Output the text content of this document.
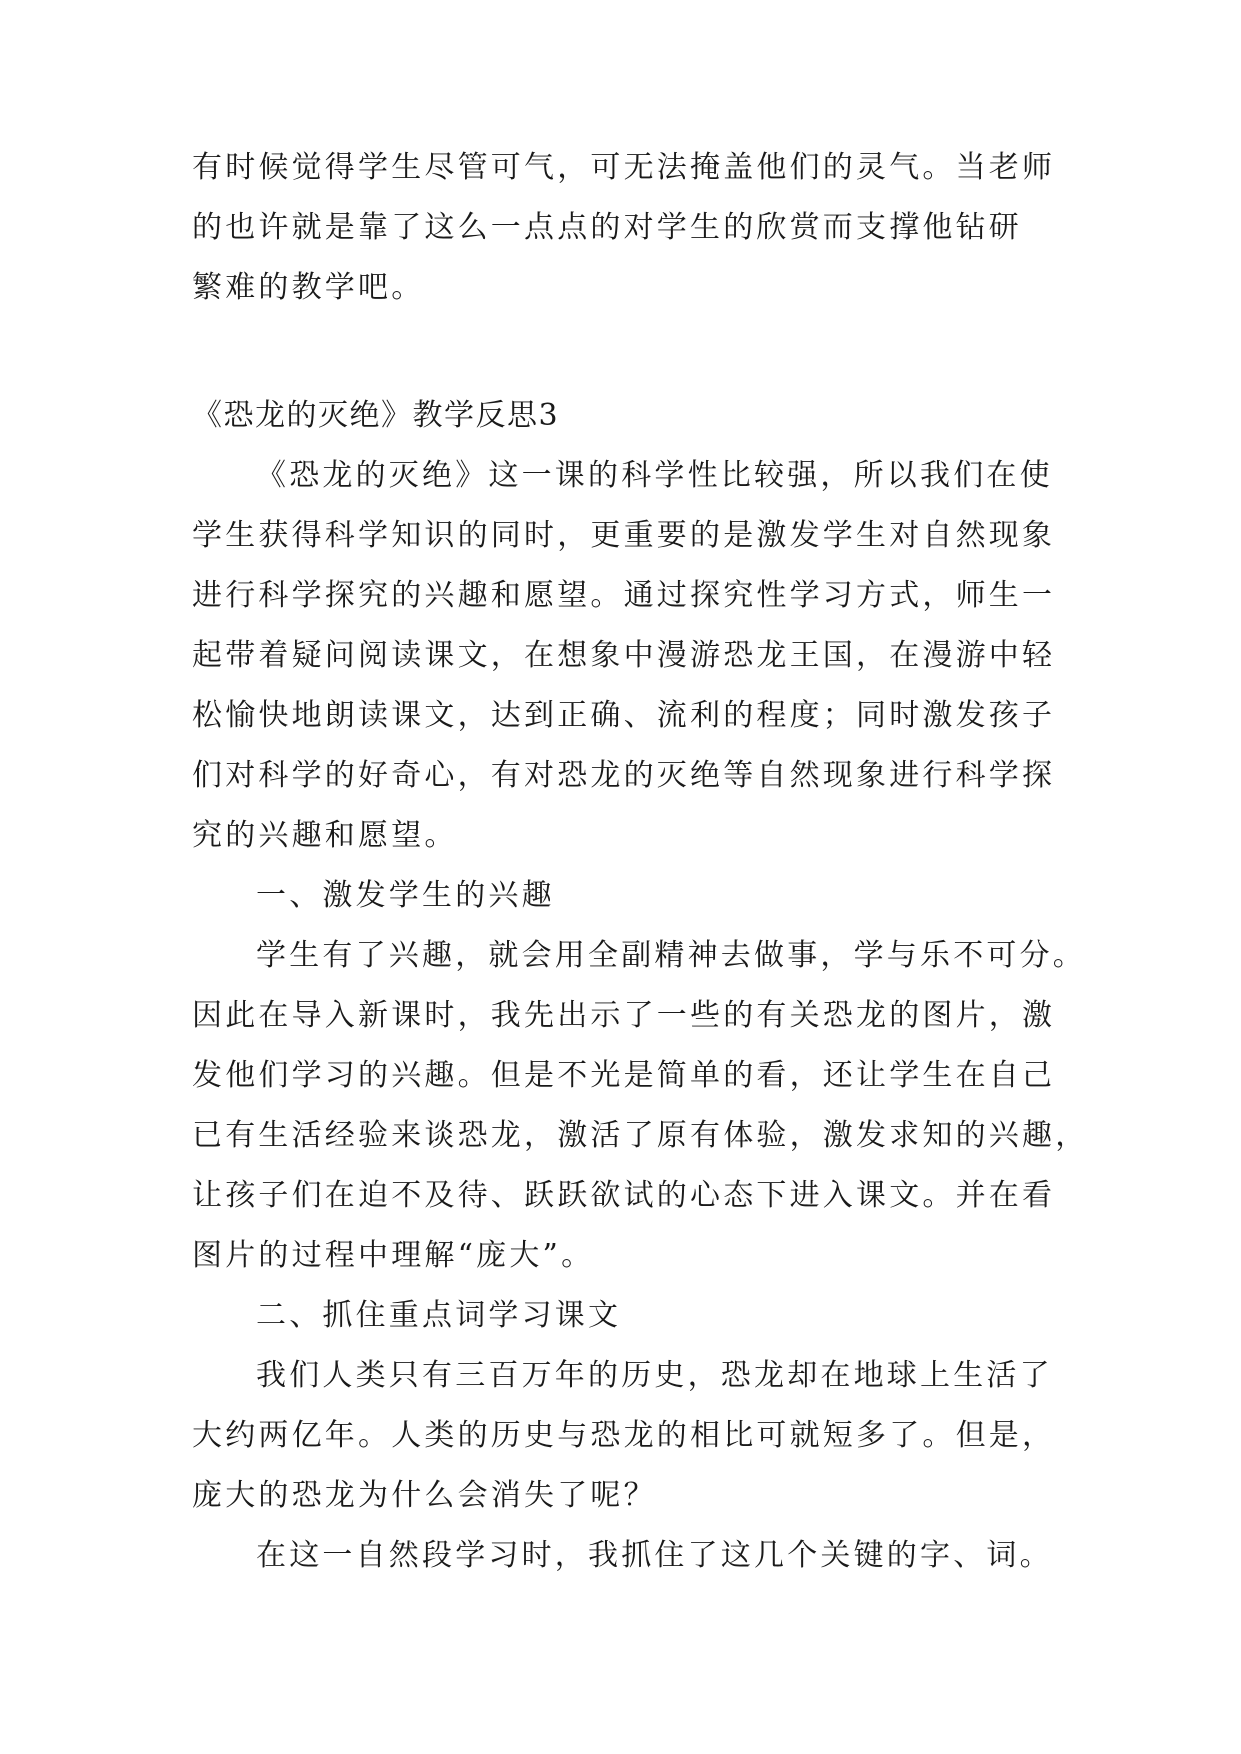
有时候觉得学生尽管可气，可无法掩盖他们的灵气。当老师
的也许就是靠了这么一点点的对学生的欣赏而支撑他钻研
繁难的教学吧。
《恐龙的灭绝》教学反思3
《恐龙的灭绝》这一课的科学性比较强，所以我们在使
学生获得科学知识的同时，更重要的是激发学生对自然现象
进行科学探究的兴趣和愿望。通过探究性学习方式，师生一
起带着疑问阅读课文，在想象中漫游恐龙王国，在漫游中轻
松愉快地朗读课文，达到正确、流利的程度；同时激发孩子
们对科学的好奇心，有对恐龙的灭绝等自然现象进行科学探
究的兴趣和愿望。
一、激发学生的兴趣
学生有了兴趣，就会用全副精神去做事，学与乐不可分。
因此在导入新课时，我先出示了一些的有关恐龙的图片，激
发他们学习的兴趣。但是不光是简单的看，还让学生在自己
已有生活经验来谈恐龙，激活了原有体验，激发求知的兴趣，
让孩子们在迫不及待、跃跃欲试的心态下进入课文。并在看
图片的过程中理解“庞大”。
二、抓住重点词学习课文
我们人类只有三百万年的历史，恐龙却在地球上生活了
大约两亿年。人类的历史与恐龙的相比可就短多了。但是，
庞大的恐龙为什么会消失了呢？
在这一自然段学习时，我抓住了这几个关键的字、词。
